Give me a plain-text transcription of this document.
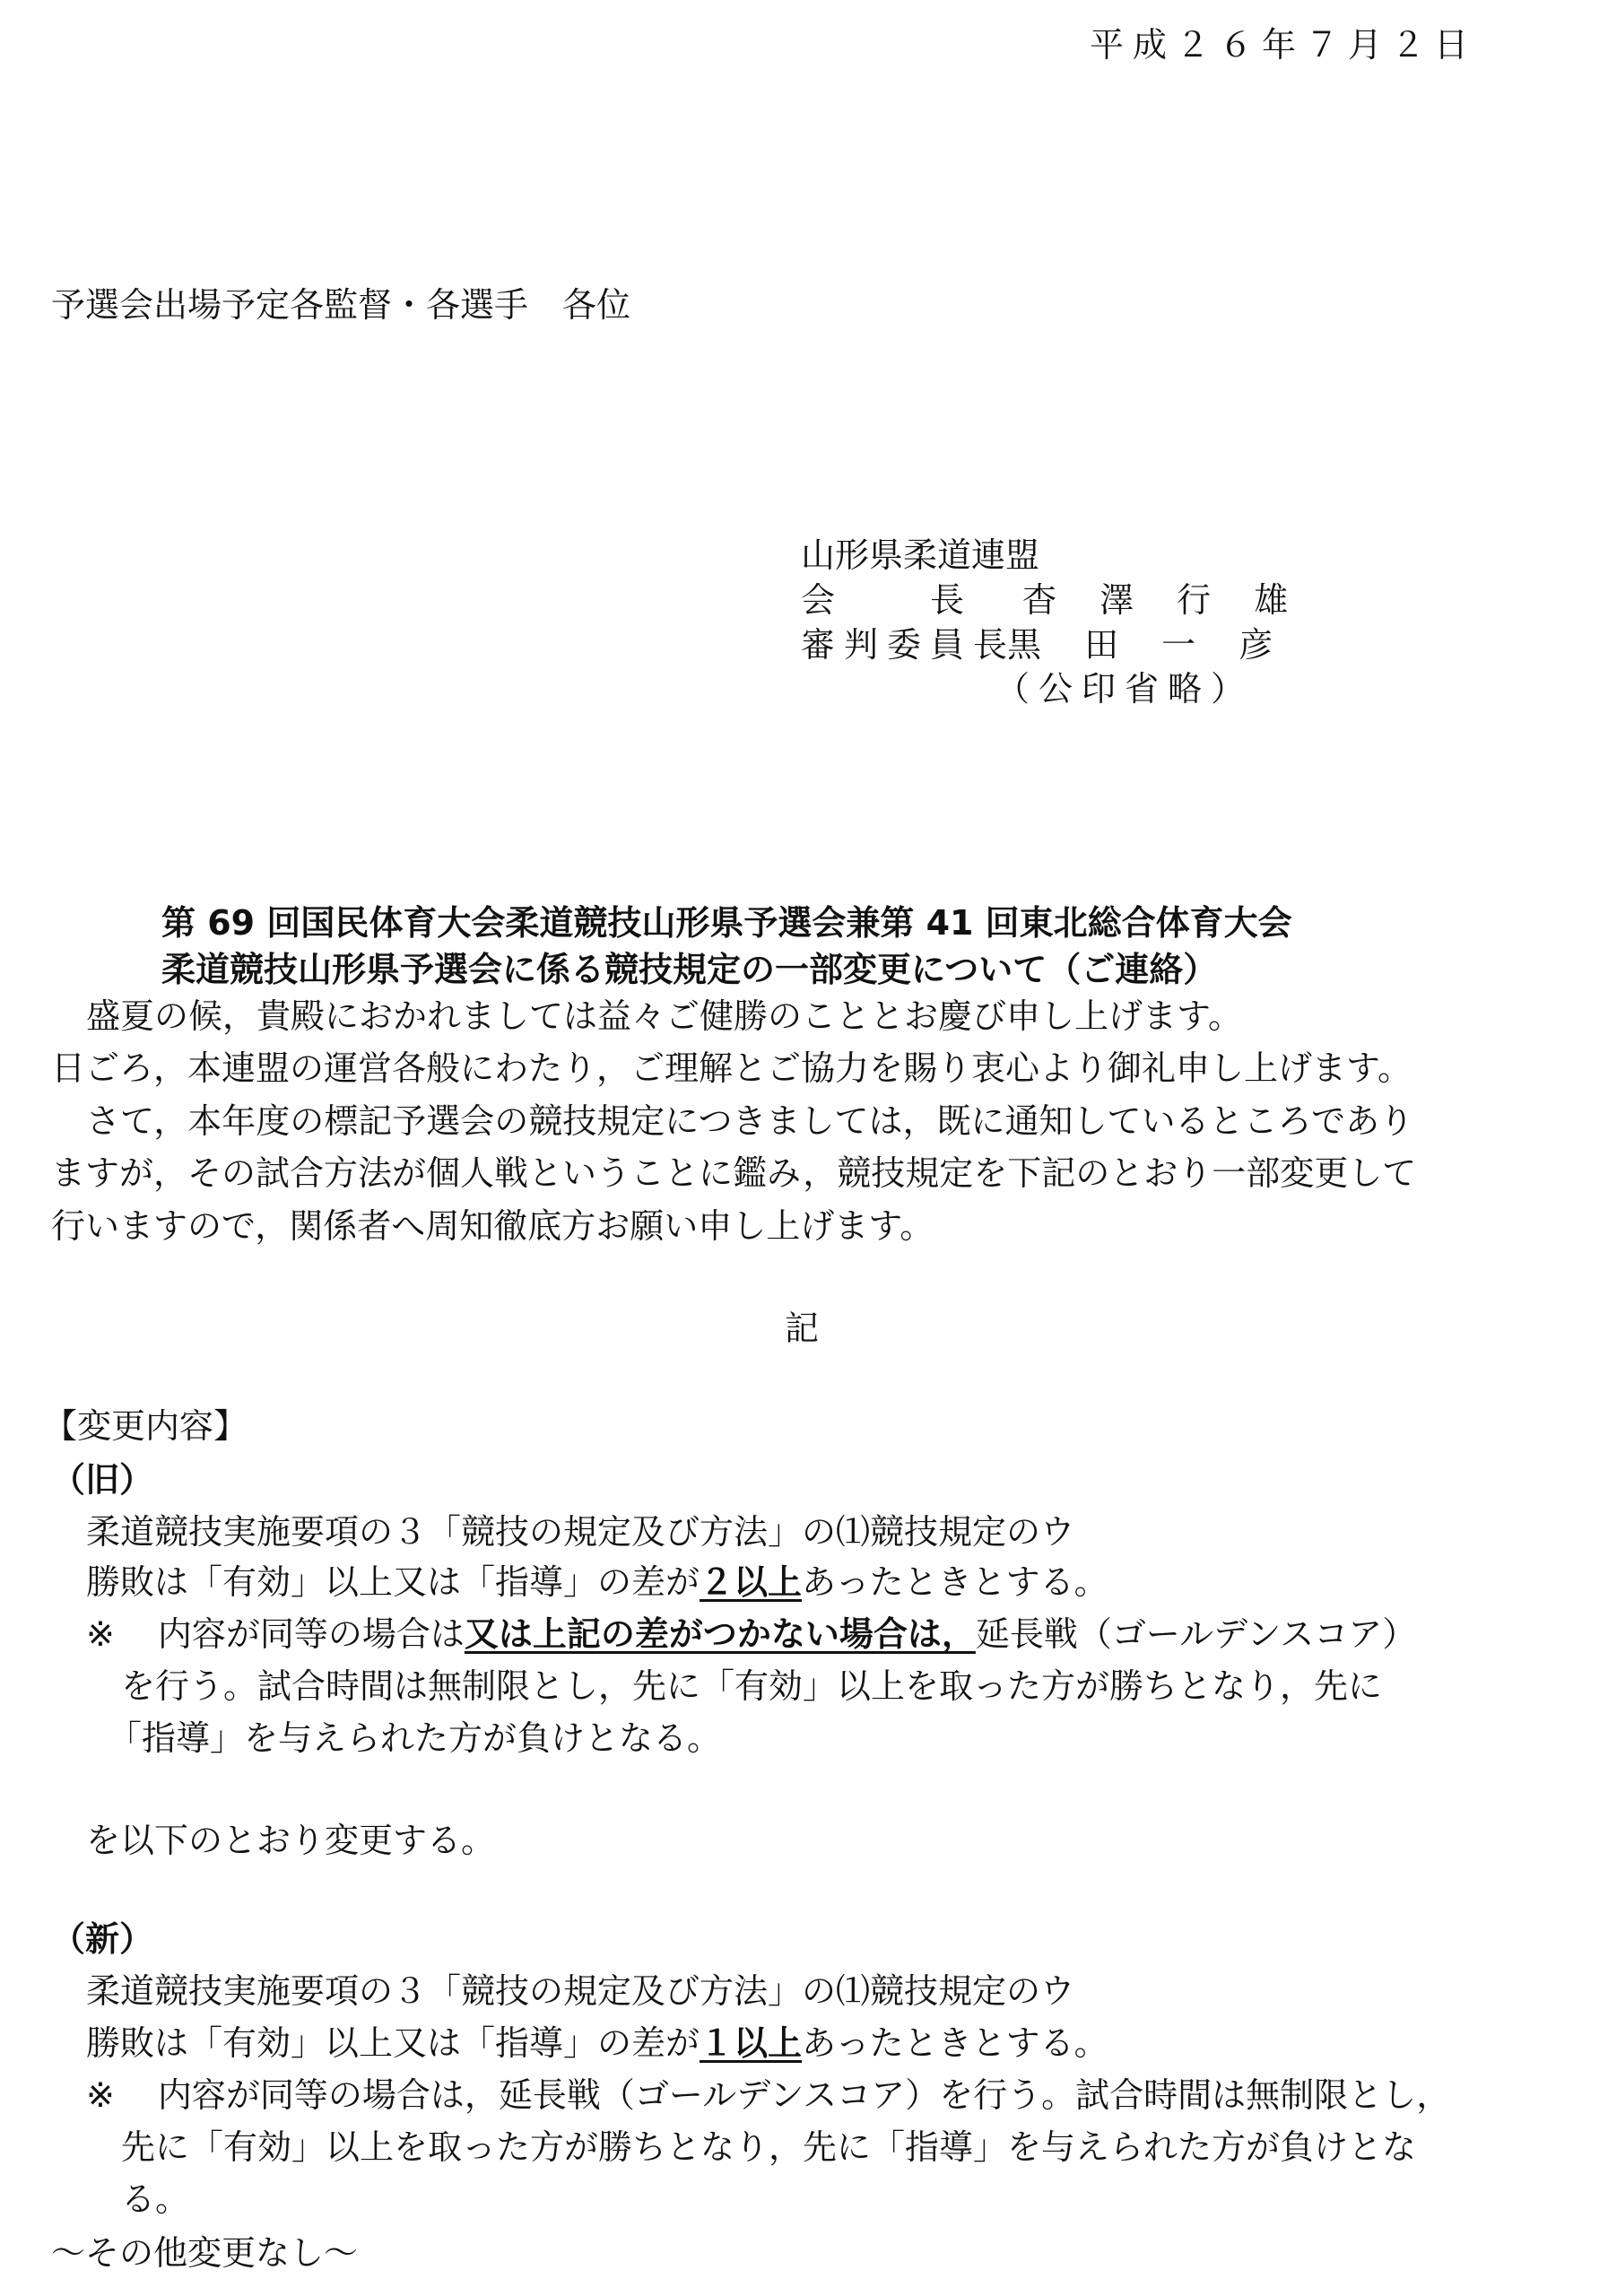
平成２６年７月２日
予選会出場予定各監督・各選手　各位
山形県柔道連盟
会　　長 杳 澤 行 雄
審判委員長
黒 田 一 彦
（公印省略）
第 69 回国民体育大会柔道競技山形県予選会兼第 41 回東北総合体育大会
柔道競技山形県予選会に係る競技規定の一部変更について（ご連絡）
盛夏の候，貴殿におかれましては益々ご健勝のこととお慶び申し上げます。
日ごろ，本連盟の運営各般にわたり，ご理解とご協力を賜り衷心より御礼申し上げます。
さて，本年度の標記予選会の競技規定につきましては，既に通知しているところであり
ますが，その試合方法が個人戦ということに鑑み，競技規定を下記のとおり一部変更して
行いますので，関係者へ周知徹底方お願い申し上げます。
記
【変更内容】
（旧）
柔道競技実施要項の３「競技の規定及び方法」の⑴競技規定のウ
勝敗は「有効」以上又は「指導」の差が２以上あったときとする。
※ 内容が同等の場合は又は上記の差がつかない場合は，延長戦（ゴールデンスコア）
を行う。試合時間は無制限とし，先に「有効」以上を取った方が勝ちとなり，先に
「指導」を与えられた方が負けとなる。
を以下のとおり変更する。
（新）
柔道競技実施要項の３「競技の規定及び方法」の⑴競技規定のウ
勝敗は「有効」以上又は「指導」の差が１以上あったときとする。
※ 内容が同等の場合は，延長戦（ゴールデンスコア）を行う。試合時間は無制限とし，
先に「有効」以上を取った方が勝ちとなり，先に「指導」を与えられた方が負けとな
る。
～その他変更なし～
